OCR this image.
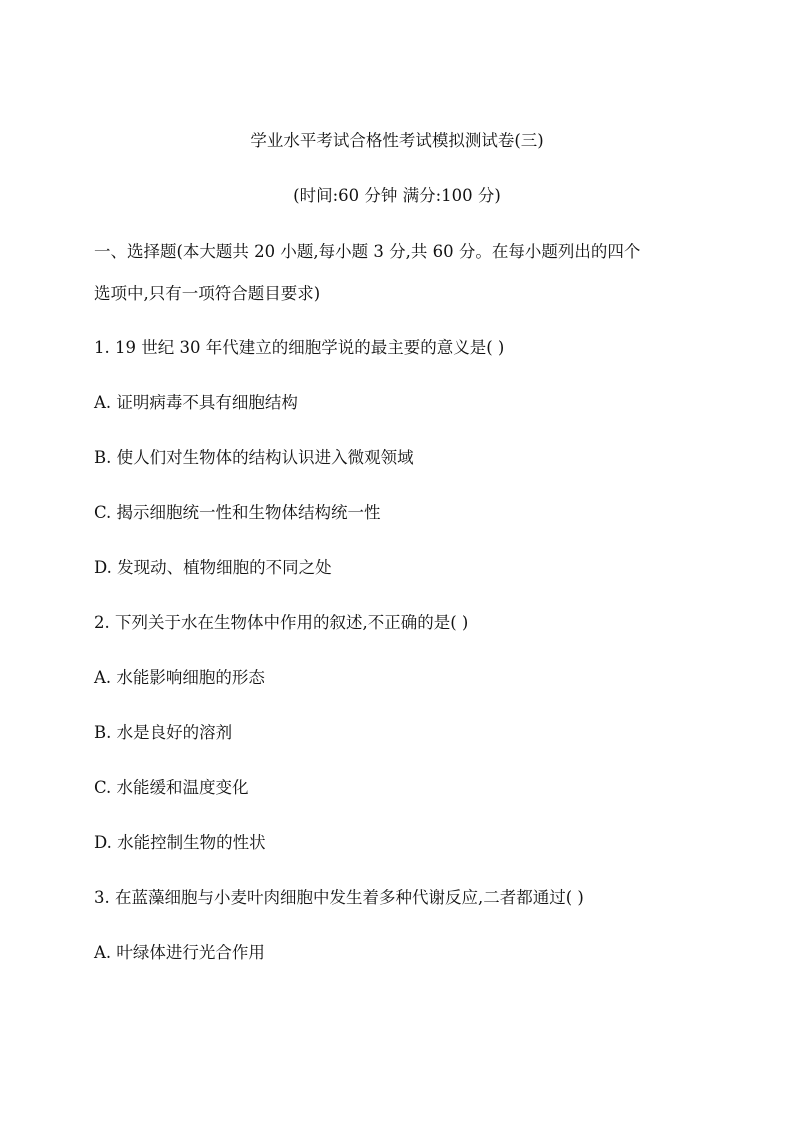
学业水平考试合格性考试模拟测试卷(三)

(时间:60 分钟 满分:100 分)

一、选择题(本大题共 20 小题,每小题 3 分,共 60 分。在每小题列出的四个

选项中,只有一项符合题目要求)

1. 19 世纪 30 年代建立的细胞学说的最主要的意义是( )

A. 证明病毒不具有细胞结构

B. 使人们对生物体的结构认识进入微观领域

C. 揭示细胞统一性和生物体结构统一性

D. 发现动、植物细胞的不同之处

2. 下列关于水在生物体中作用的叙述,不正确的是( )

A. 水能影响细胞的形态

B. 水是良好的溶剂

C. 水能缓和温度变化

D. 水能控制生物的性状

3. 在蓝藻细胞与小麦叶肉细胞中发生着多种代谢反应,二者都通过( )

A. 叶绿体进行光合作用
